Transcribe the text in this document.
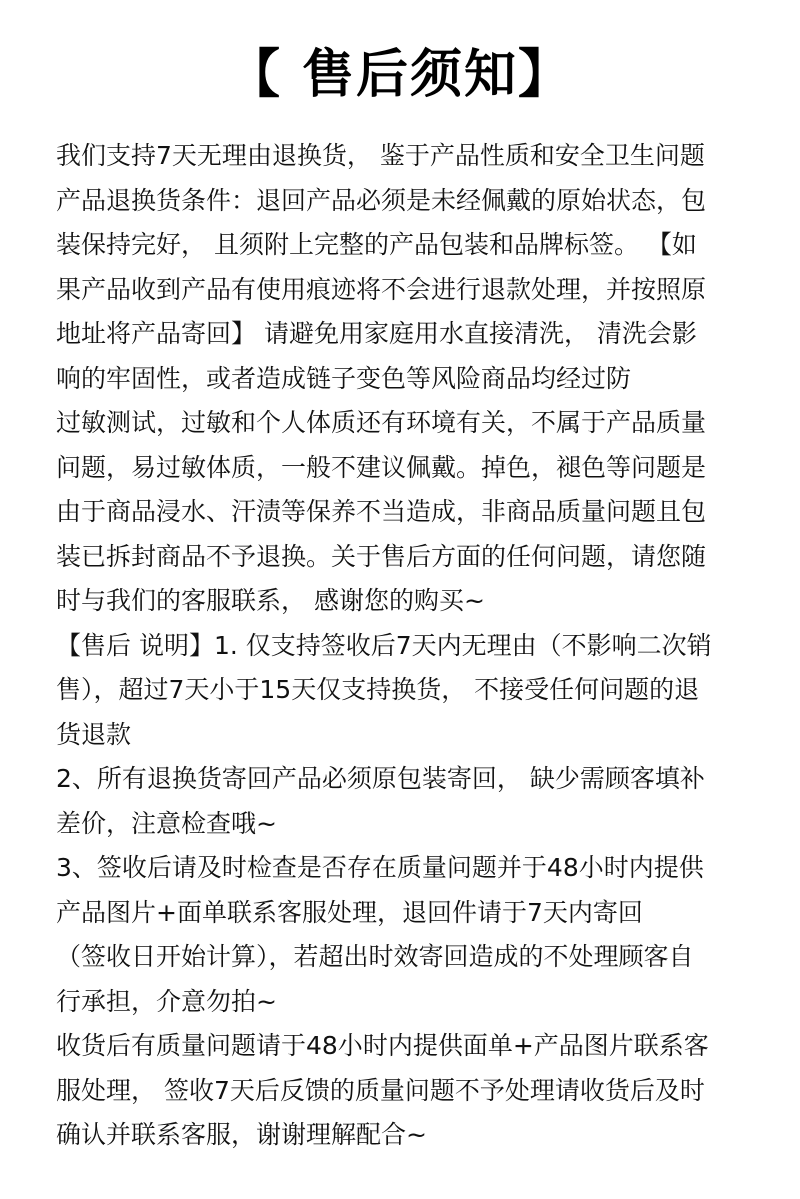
【 售后须知】
我们支持7天无理由退换货， 鉴于产品性质和安全卫生问题
产品退换货条件：退回产品必须是未经佩戴的原始状态，包
装保持完好， 且须附上完整的产品包装和品牌标签。 【如
果产品收到产品有使用痕迹将不会进行退款处理，并按照原
地址将产品寄回】 请避免用家庭用水直接清洗， 清洗会影
响的牢固性，或者造成链子变色等风险商品均经过防
过敏测试，过敏和个人体质还有环境有关，不属于产品质量
问题，易过敏体质，一般不建议佩戴。掉色，褪色等问题是
由于商品浸水、汗渍等保养不当造成，非商品质量问题且包
装已拆封商品不予退换。关于售后方面的任何问题，请您随
时与我们的客服联系， 感谢您的购买~
【售后 说明】1. 仅支持签收后7天内无理由（不影响二次销
售），超过7天小于15天仅支持换货， 不接受任何问题的退
货退款
2、所有退换货寄回产品必须原包装寄回， 缺少需顾客填补
差价，注意检查哦~
3、签收后请及时检查是否存在质量问题并于48小时内提供
产品图片+面单联系客服处理，退回件请于7天内寄回
（签收日开始计算），若超出时效寄回造成的不处理顾客自
行承担，介意勿拍~
收货后有质量问题请于48小时内提供面单+产品图片联系客
服处理， 签收7天后反馈的质量问题不予处理请收货后及时
确认并联系客服，谢谢理解配合~
